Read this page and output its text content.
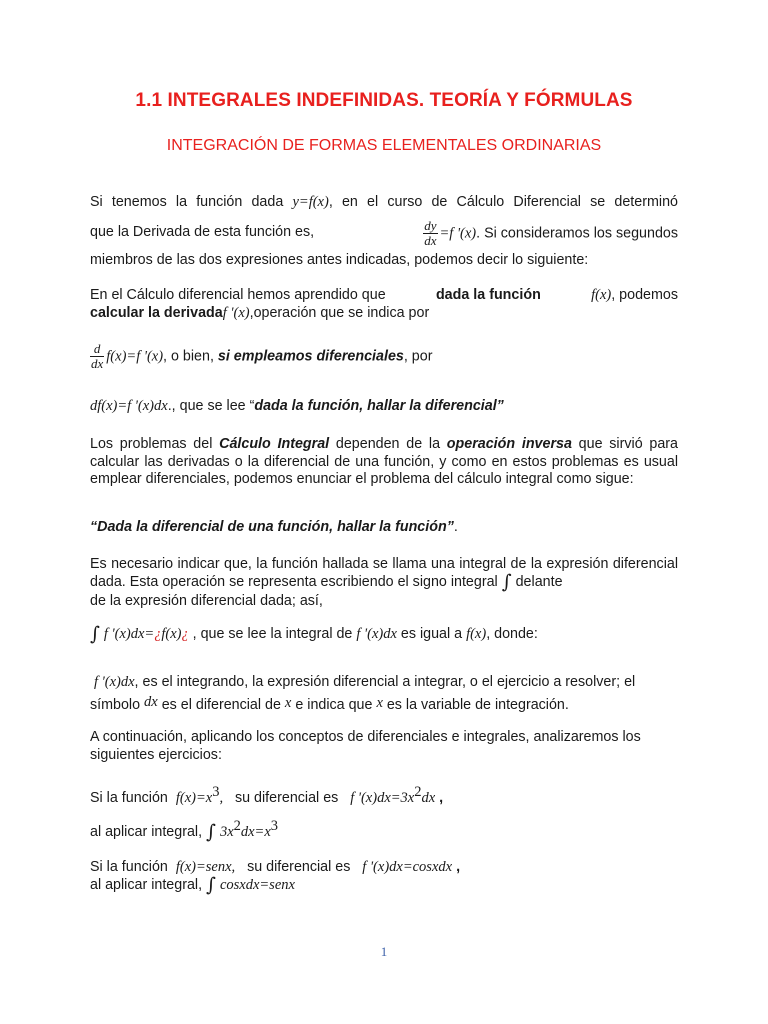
1.1 INTEGRALES INDEFINIDAS. TEORÍA Y FÓRMULAS
INTEGRACIÓN DE FORMAS ELEMENTALES ORDINARIAS
Si tenemos la función dada y=f(x), en el curso de Cálculo Diferencial se determinó
que la Derivada de esta función es,	$\frac{dy}{dx} =f$ '(x). Si consideramos los segundos
miembros de las dos expresiones antes indicadas, podemos decir lo siguiente:
En el Cálculo diferencial hemos aprendido que	dada la función	f(x), podemos
calcular la derivadaf '(x),operación que se indica por
$\frac{d}{dx} f(x)=f$ '(x), o bien, si empleamos diferenciales, por
df(x)=f '(x)dx., que se lee “dada la función, hallar la diferencial”
Los problemas del Cálculo Integral dependen de la operación inversa que sirvió para calcular las derivadas o la diferencial de una función, y como en estos problemas es usual emplear diferenciales, podemos enunciar el problema del cálculo integral como sigue:
“Dada la diferencial de una función, hallar la función”.
Es necesario indicar que, la función hallada se llama una integral de la expresión diferencial dada. Esta operación se representa escribiendo el signo integral ∫ delante
de la expresión diferencial dada; así,
∫ f '(x)dx=¿f(x)¿ , que se lee la integral de f '(x)dx es igual a f(x), donde:
f '(x)dx, es el integrando, la expresión diferencial a integrar, o el ejercicio a resolver; el
símbolo dx es el diferencial de x e indica que x es la variable de integración.
A continuación, aplicando los conceptos de diferenciales e integrales, analizaremos los siguientes ejercicios:
Si la función $f(x)=x^3$, su diferencial es f '$(x)dx=3x^2dx$ ,
al aplicar integral, ∫ $3x^2dx=x^3$
Si la función f(x)=senx, su diferencial es f '(x)dx=cosxdx ,
al aplicar integral, ∫ cosxdx=senx
1
